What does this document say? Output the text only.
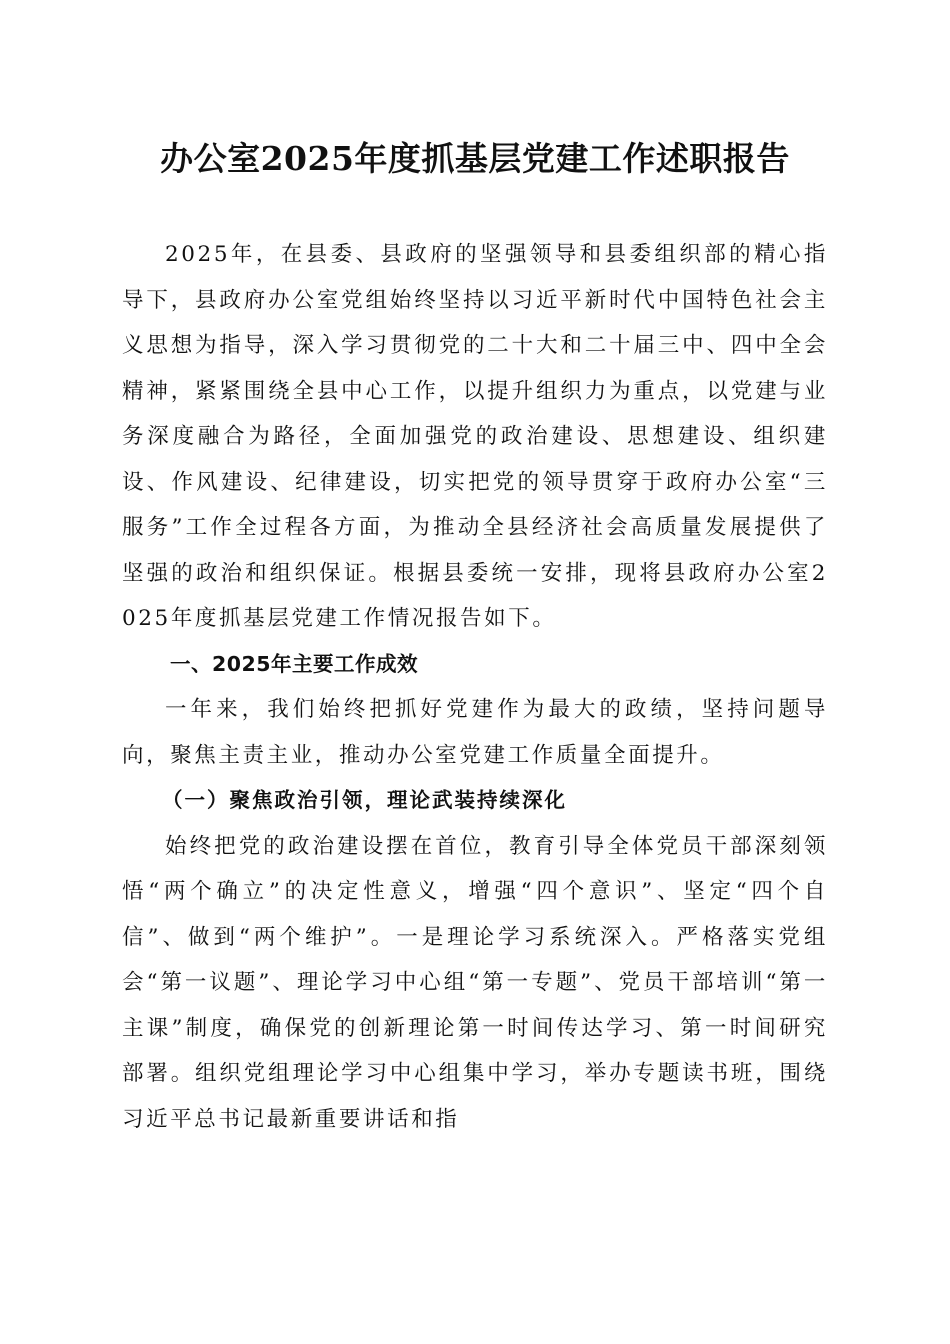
办公室2025年度抓基层党建工作述职报告

2025年，在县委、县政府的坚强领导和县委组织部的精心指导下，县政府办公室党组始终坚持以习近平新时代中国特色社会主义思想为指导，深入学习贯彻党的二十大和二十届三中、四中全会精神，紧紧围绕全县中心工作，以提升组织力为重点，以党建与业务深度融合为路径，全面加强党的政治建设、思想建设、组织建设、作风建设、纪律建设，切实把党的领导贯穿于政府办公室“三服务”工作全过程各方面，为推动全县经济社会高质量发展提供了坚强的政治和组织保证。根据县委统一安排，现将县政府办公室2025年度抓基层党建工作情况报告如下。

一、2025年主要工作成效

一年来，我们始终把抓好党建作为最大的政绩，坚持问题导向，聚焦主责主业，推动办公室党建工作质量全面提升。

（一）聚焦政治引领，理论武装持续深化

始终把党的政治建设摆在首位，教育引导全体党员干部深刻领悟“两个确立”的决定性意义，增强“四个意识”、坚定“四个自信”、做到“两个维护”。一是理论学习系统深入。严格落实党组会“第一议题”、理论学习中心组“第一专题”、党员干部培训“第一主课”制度，确保党的创新理论第一时间传达学习、第一时间研究部署。组织党组理论学习中心组集中学习，举办专题读书班，围绕习近平总书记最新重要讲话和指
